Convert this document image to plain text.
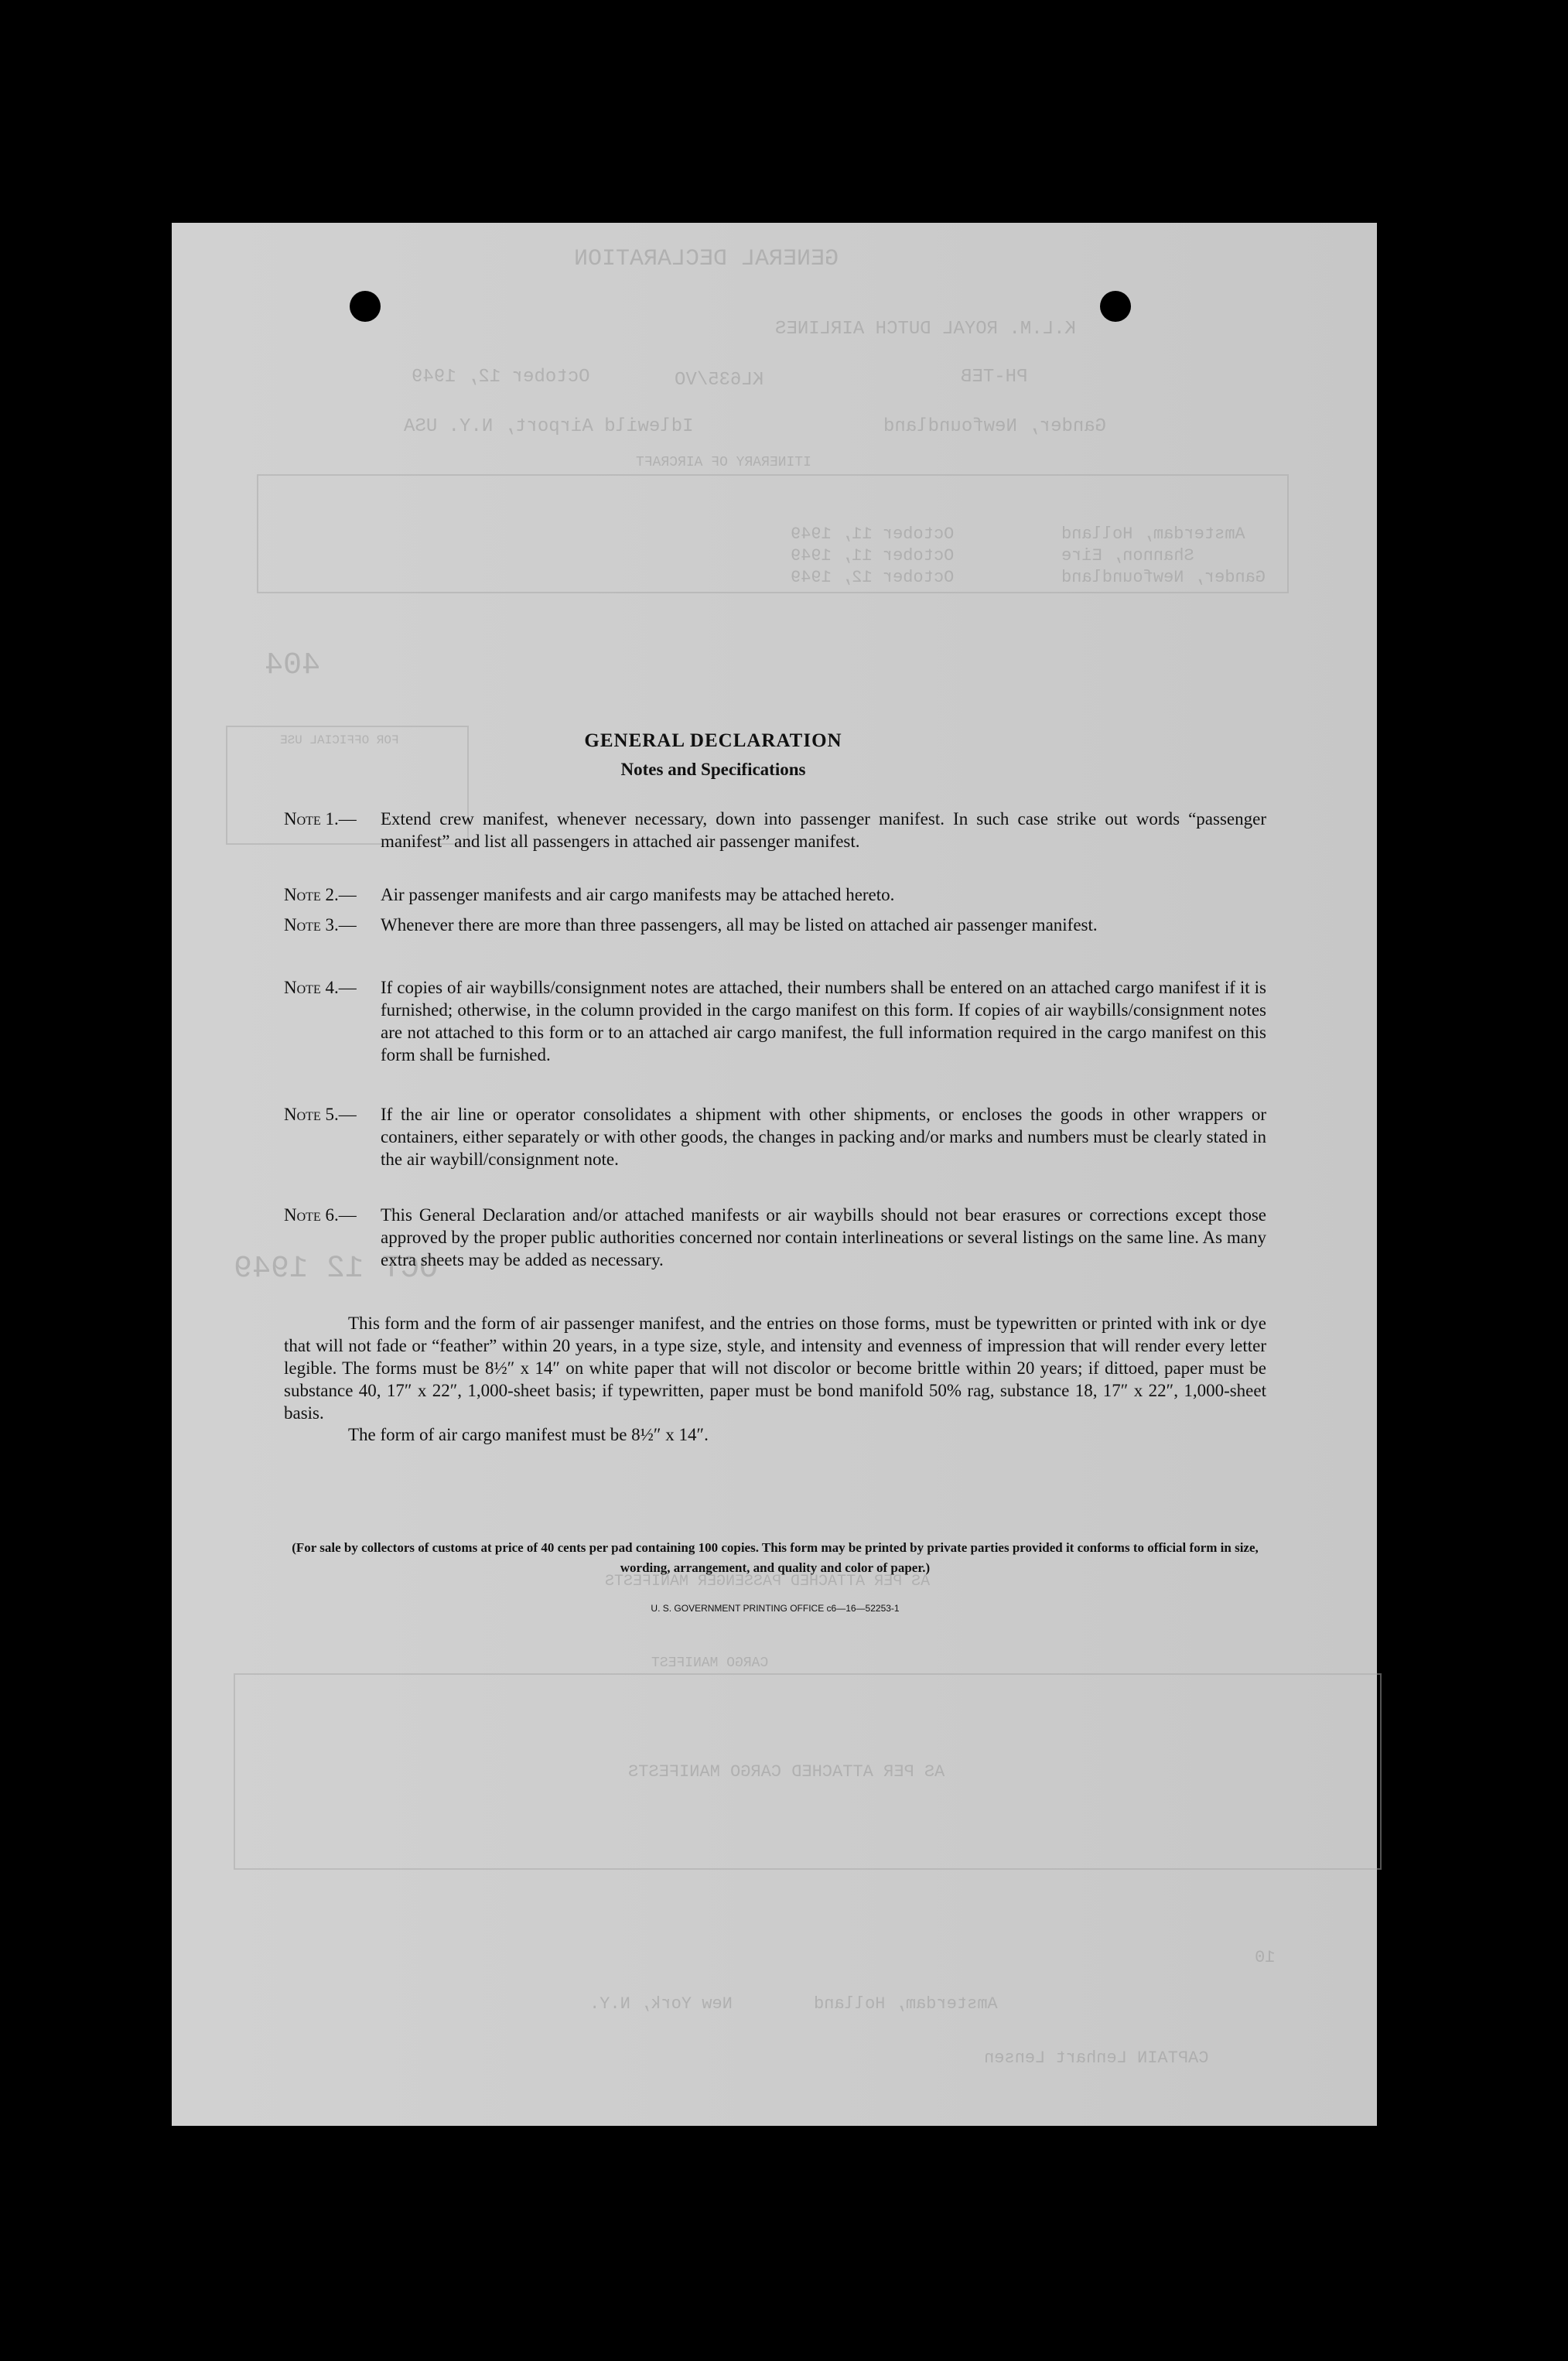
GENERAL DECLARATION
K.L.M. ROYAL DUTCH AIRLINES
PH-TEB
KL635/VO
October 12, 1949
Gander, Newfoundland
Idlewild Airport, N.Y. USA
ITINERARY OF AIRCRAFT
Amsterdam, Holland
October 11, 1949
Shannon, Eire
October 11, 1949
Gander, Newfoundland
October 12, 1949
404
FOR OFFICIAL USE
OCT 12 1949
AS PER ATTACHED PASSENGER MANIFESTS
CARGO MANIFEST
AS PER ATTACHED CARGO MANIFESTS
10
New York, N.Y.	Amsterdam, Holland
CAPTAIN Lenhart Lensen
GENERAL DECLARATION
Notes and Specifications
Note 1.—	Extend crew manifest, whenever necessary, down into passenger manifest. In such case strike out words “passenger manifest” and list all passengers in attached air passenger manifest.
Note 2.—	Air passenger manifests and air cargo manifests may be attached hereto.
Note 3.—	Whenever there are more than three passengers, all may be listed on attached air passenger manifest.
Note 4.—	If copies of air waybills/consignment notes are attached, their numbers shall be entered on an attached cargo manifest if it is furnished; otherwise, in the column provided in the cargo manifest on this form. If copies of air waybills/consignment notes are not attached to this form or to an attached air cargo manifest, the full information required in the cargo manifest on this form shall be furnished.
Note 5.—	If the air line or operator consolidates a shipment with other shipments, or encloses the goods in other wrappers or containers, either separately or with other goods, the changes in packing and/or marks and numbers must be clearly stated in the air waybill/consignment note.
Note 6.—	This General Declaration and/or attached manifests or air waybills should not bear erasures or corrections except those approved by the proper public authorities concerned nor contain interlineations or several listings on the same line. As many extra sheets may be added as necessary.
This form and the form of air passenger manifest, and the entries on those forms, must be typewritten or printed with ink or dye that will not fade or “feather” within 20 years, in a type size, style, and intensity and evenness of impression that will render every letter legible. The forms must be 8½″ x 14″ on white paper that will not discolor or become brittle within 20 years; if dittoed, paper must be substance 40, 17″ x 22″, 1,000-sheet basis; if typewritten, paper must be bond manifold 50% rag, substance 18, 17″ x 22″, 1,000-sheet basis.
The form of air cargo manifest must be 8½″ x 14″.
(For sale by collectors of customs at price of 40 cents per pad containing 100 copies. This form may be printed by private parties provided it conforms to official form in size, wording, arrangement, and quality and color of paper.)
U. S. GOVERNMENT PRINTING OFFICE c6—16—52253-1
